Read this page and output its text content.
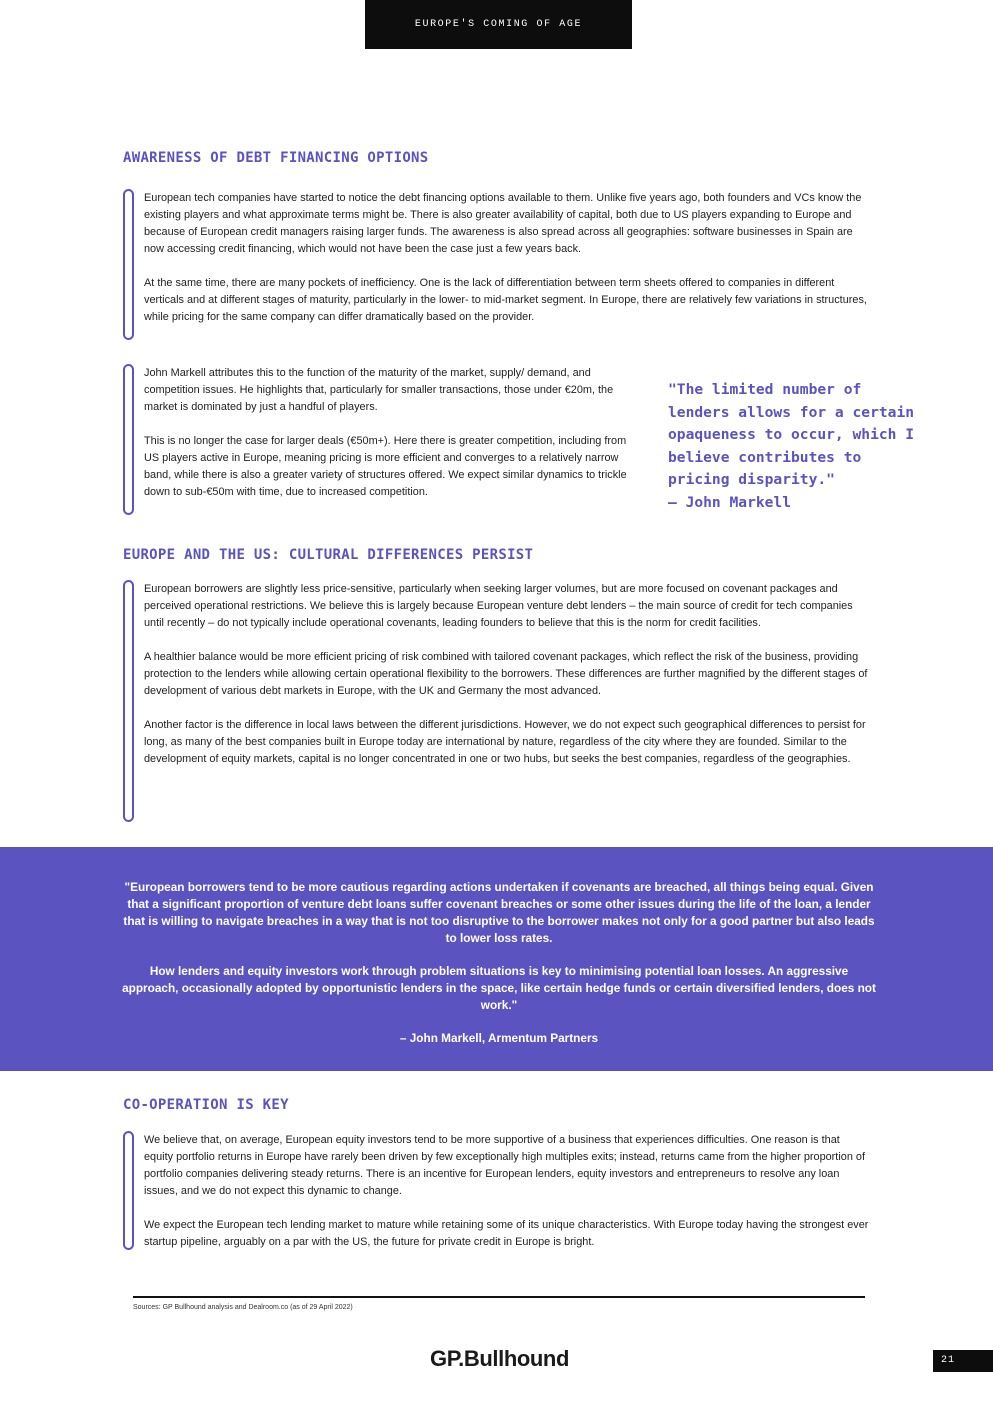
EUROPE'S COMING OF AGE
AWARENESS OF DEBT FINANCING OPTIONS

European tech companies have started to notice the debt financing options available to them. Unlike five years ago, both founders and VCs know the existing players and what approximate terms might be. There is also greater availability of capital, both due to US players expanding to Europe and because of European credit managers raising larger funds. The awareness is also spread across all geographies: software businesses in Spain are now accessing credit financing, which would not have been the case just a few years back.

At the same time, there are many pockets of inefficiency. One is the lack of differentiation between term sheets offered to companies in different verticals and at different stages of maturity, particularly in the lower- to mid-market segment. In Europe, there are relatively few variations in structures, while pricing for the same company can differ dramatically based on the provider.

John Markell attributes this to the function of the maturity of the market, supply/ demand, and competition issues. He highlights that, particularly for smaller transactions, those under €20m, the market is dominated by just a handful of players.

This is no longer the case for larger deals (€50m+). Here there is greater competition, including from US players active in Europe, meaning pricing is more efficient and converges to a relatively narrow band, while there is also a greater variety of structures offered. We expect similar dynamics to trickle down to sub-€50m with time, due to increased competition.

"The limited number of lenders allows for a certain opaqueness to occur, which I believe contributes to pricing disparity."
– John Markell
EUROPE AND THE US: CULTURAL DIFFERENCES PERSIST

European borrowers are slightly less price-sensitive, particularly when seeking larger volumes, but are more focused on covenant packages and perceived operational restrictions. We believe this is largely because European venture debt lenders – the main source of credit for tech companies until recently – do not typically include operational covenants, leading founders to believe that this is the norm for credit facilities.

A healthier balance would be more efficient pricing of risk combined with tailored covenant packages, which reflect the risk of the business, providing protection to the lenders while allowing certain operational flexibility to the borrowers. These differences are further magnified by the different stages of development of various debt markets in Europe, with the UK and Germany the most advanced.

Another factor is the difference in local laws between the different jurisdictions. However, we do not expect such geographical differences to persist for long, as many of the best companies built in Europe today are international by nature, regardless of the city where they are founded. Similar to the development of equity markets, capital is no longer concentrated in one or two hubs, but seeks the best companies, regardless of the geographies.

"European borrowers tend to be more cautious regarding actions undertaken if covenants are breached, all things being equal. Given that a significant proportion of venture debt loans suffer covenant breaches or some other issues during the life of the loan, a lender that is willing to navigate breaches in a way that is not too disruptive to the borrower makes not only for a good partner but also leads to lower loss rates.

How lenders and equity investors work through problem situations is key to minimising potential loan losses. An aggressive approach, occasionally adopted by opportunistic lenders in the space, like certain hedge funds or certain diversified lenders, does not work."

– John Markell, Armentum Partners

CO-OPERATION IS KEY

We believe that, on average, European equity investors tend to be more supportive of a business that experiences difficulties. One reason is that equity portfolio returns in Europe have rarely been driven by few exceptionally high multiples exits; instead, returns came from the higher proportion of portfolio companies delivering steady returns. There is an incentive for European lenders, equity investors and entrepreneurs to resolve any loan issues, and we do not expect this dynamic to change.

We expect the European tech lending market to mature while retaining some of its unique characteristics. With Europe today having the strongest ever startup pipeline, arguably on a par with the US, the future for private credit in Europe is bright.

Sources: GP Bullhound analysis and Dealroom.co (as of 29 April 2022)
GP.Bullhound	21
